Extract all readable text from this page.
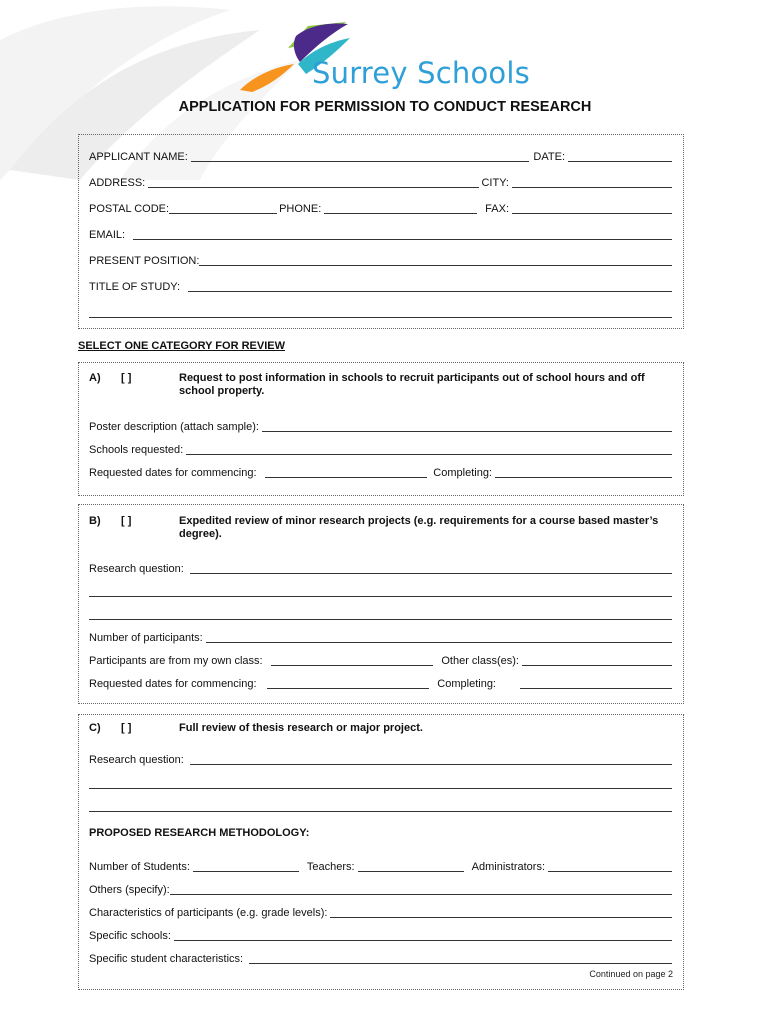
Surrey Schools
APPLICATION FOR PERMISSION TO CONDUCT RESEARCH
APPLICANT NAME:	DATE:
ADDRESS:	CITY:
POSTAL CODE:	PHONE:	FAX:
EMAIL:
PRESENT POSITION:
TITLE OF STUDY:
SELECT ONE CATEGORY FOR REVIEW
A) [ ]	Request to post information in schools to recruit participants out of school hours and off school property.
Poster description (attach sample):
Schools requested:
Requested dates for commencing:	Completing:
B) [ ]	Expedited review of minor research projects (e.g. requirements for a course based master’s degree).
Research question:
Number of participants:
Participants are from my own class:	Other class(es):
Requested dates for commencing:	Completing:
C) [ ]	Full review of thesis research or major project.
Research question:
PROPOSED RESEARCH METHODOLOGY:
Number of Students:	Teachers:	Administrators:
Others (specify):
Characteristics of participants (e.g. grade levels):
Specific schools:
Specific student characteristics:
Continued on page 2
